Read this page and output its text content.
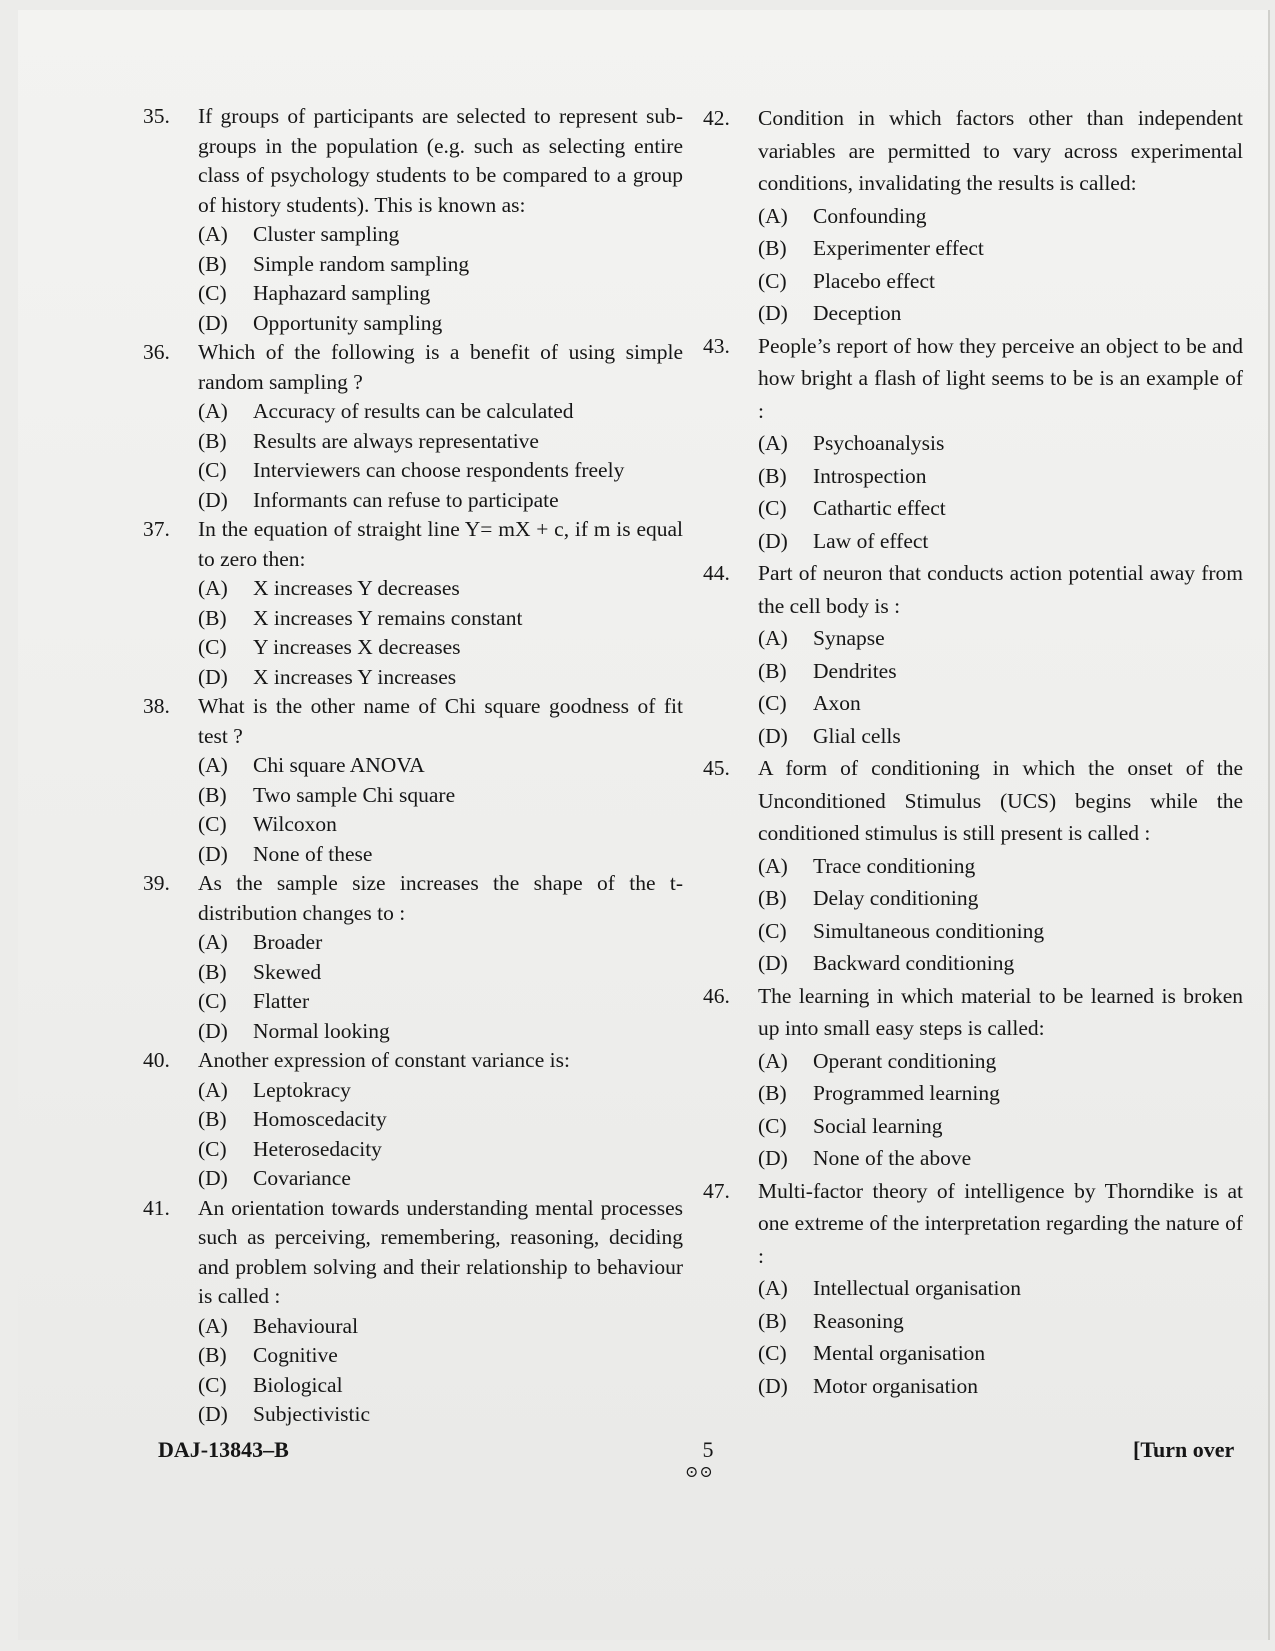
35.	If groups of participants are selected to represent sub-groups in the population (e.g. such as selecting entire class of psychology students to be compared to a group of history students). This is known as:
(A)	Cluster sampling
(B)	Simple random sampling
(C)	Haphazard sampling
(D)	Opportunity sampling
36.	Which of the following is a benefit of using simple random sampling ?
(A)	Accuracy of results can be calculated
(B)	Results are always representative
(C)	Interviewers can choose respondents freely
(D)	Informants can refuse to participate
37.	In the equation of straight line Y= mX + c, if m is equal to zero then:
(A)	X increases Y decreases
(B)	X increases Y remains constant
(C)	Y increases X decreases
(D)	X increases Y increases
38.	What is the other name of Chi square goodness of fit test ?
(A)	Chi square ANOVA
(B)	Two sample Chi square
(C)	Wilcoxon
(D)	None of these
39.	As the sample size increases the shape of the t-distribution changes to :
(A)	Broader
(B)	Skewed
(C)	Flatter
(D)	Normal looking
40.	Another expression of constant variance is:
(A)	Leptokracy
(B)	Homoscedacity
(C)	Heterosedacity
(D)	Covariance
41.	An orientation towards understanding mental processes such as perceiving, remembering, reasoning, deciding and problem solving and their relationship to behaviour is called :
(A)	Behavioural
(B)	Cognitive
(C)	Biological
(D)	Subjectivistic
42.	Condition in which factors other than independent variables are permitted to vary across experimental conditions, invalidating the results is called:
(A)	Confounding
(B)	Experimenter effect
(C)	Placebo effect
(D)	Deception
43.	People’s report of how they perceive an object to be and how bright a flash of light seems to be is an example of :
(A)	Psychoanalysis
(B)	Introspection
(C)	Cathartic effect
(D)	Law of effect
44.	Part of neuron that conducts action potential away from the cell body is :
(A)	Synapse
(B)	Dendrites
(C)	Axon
(D)	Glial cells
45.	A form of conditioning in which the onset of the Unconditioned Stimulus (UCS) begins while the conditioned stimulus is still present is called :
(A)	Trace conditioning
(B)	Delay conditioning
(C)	Simultaneous conditioning
(D)	Backward conditioning
46.	The learning in which material to be learned is broken up into small easy steps is called:
(A)	Operant conditioning
(B)	Programmed learning
(C)	Social learning
(D)	None of the above
47.	Multi-factor theory of intelligence by Thorndike is at one extreme of the interpretation regarding the nature of :
(A)	Intellectual organisation
(B)	Reasoning
(C)	Mental organisation
(D)	Motor organisation
DAJ-13843–B	5
⊙⊙
[Turn over
